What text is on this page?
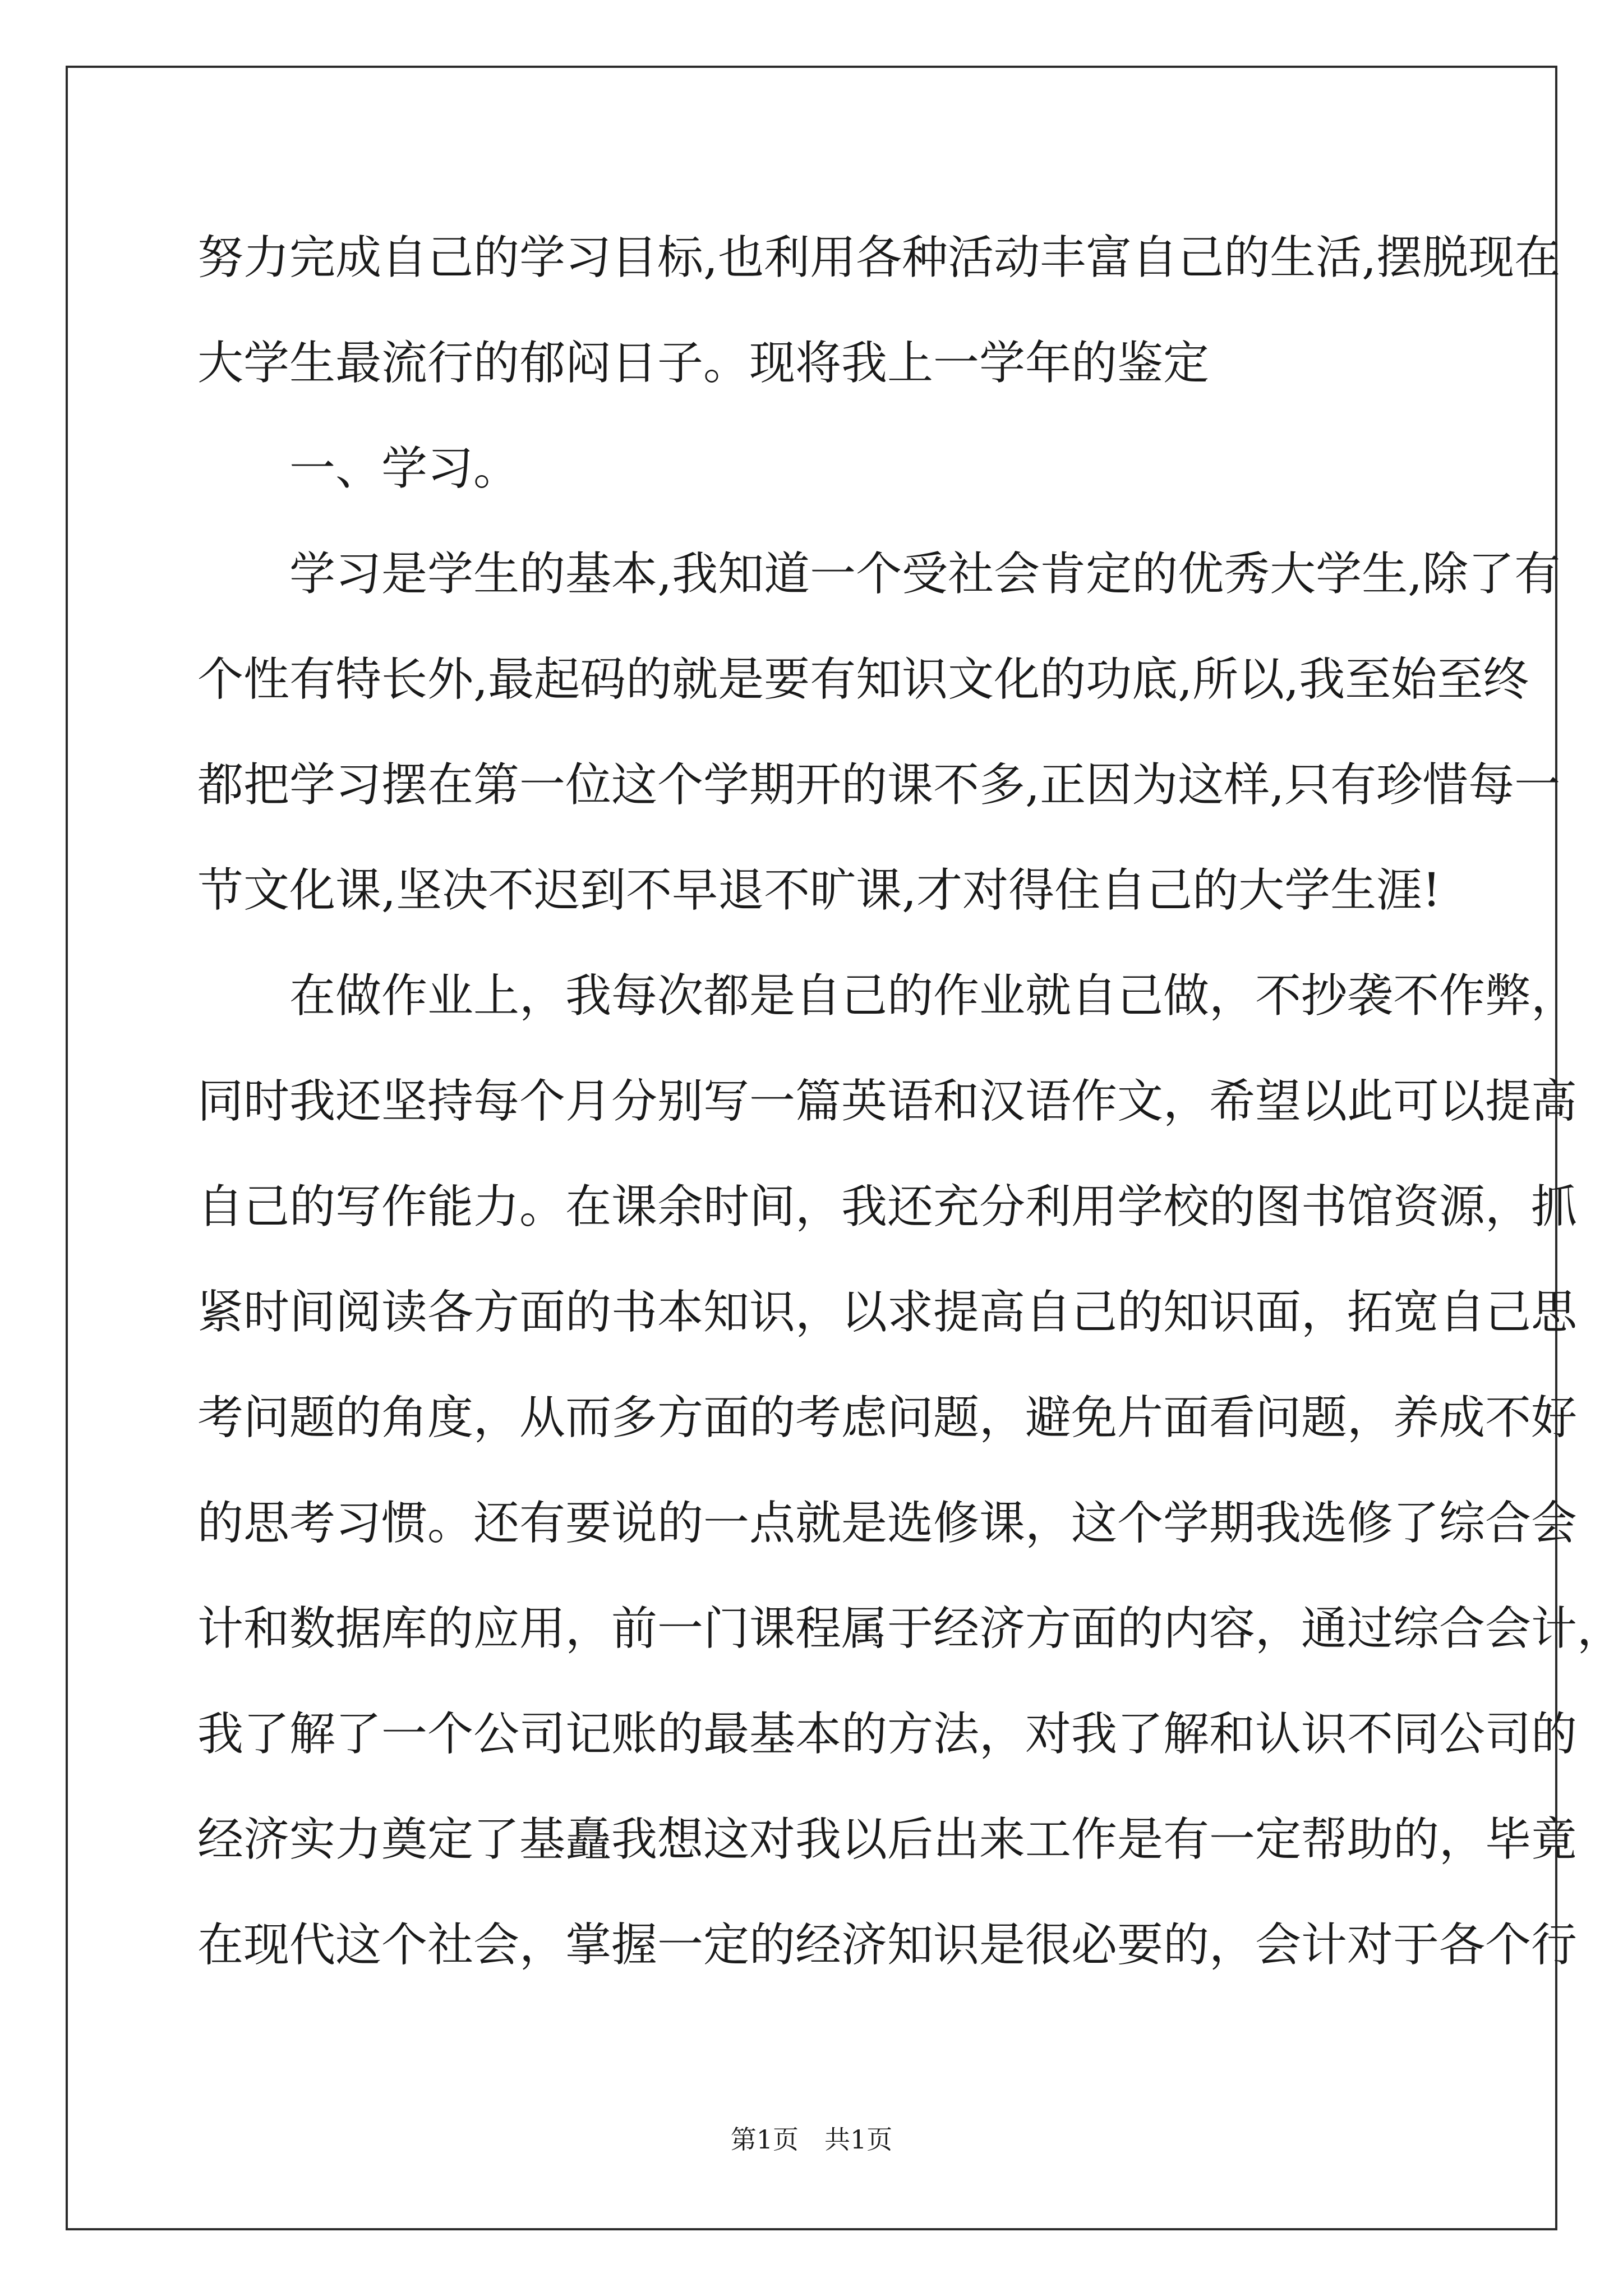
努力完成自己的学习目标,也利用各种活动丰富自己的生活,摆脱现在
大学生最流行的郁闷日子。现将我上一学年的鉴定
一、学习。
学习是学生的基本,我知道一个受社会肯定的优秀大学生,除了有
个性有特长外,最起码的就是要有知识文化的功底,所以,我至始至终
都把学习摆在第一位这个学期开的课不多,正因为这样,只有珍惜每一
节文化课,坚决不迟到不早退不旷课,才对得住自己的大学生涯!
在做作业上，我每次都是自己的作业就自己做，不抄袭不作弊，
同时我还坚持每个月分别写一篇英语和汉语作文，希望以此可以提高
自己的写作能力。在课余时间，我还充分利用学校的图书馆资源，抓
紧时间阅读各方面的书本知识，以求提高自己的知识面，拓宽自己思
考问题的角度，从而多方面的考虑问题，避免片面看问题，养成不好
的思考习惯。还有要说的一点就是选修课，这个学期我选修了综合会
计和数据库的应用，前一门课程属于经济方面的内容，通过综合会计，
我了解了一个公司记账的最基本的方法，对我了解和认识不同公司的
经济实力奠定了基矗我想这对我以后出来工作是有一定帮助的，毕竟
在现代这个社会，掌握一定的经济知识是很必要的，会计对于各个行
第1页　共1页
